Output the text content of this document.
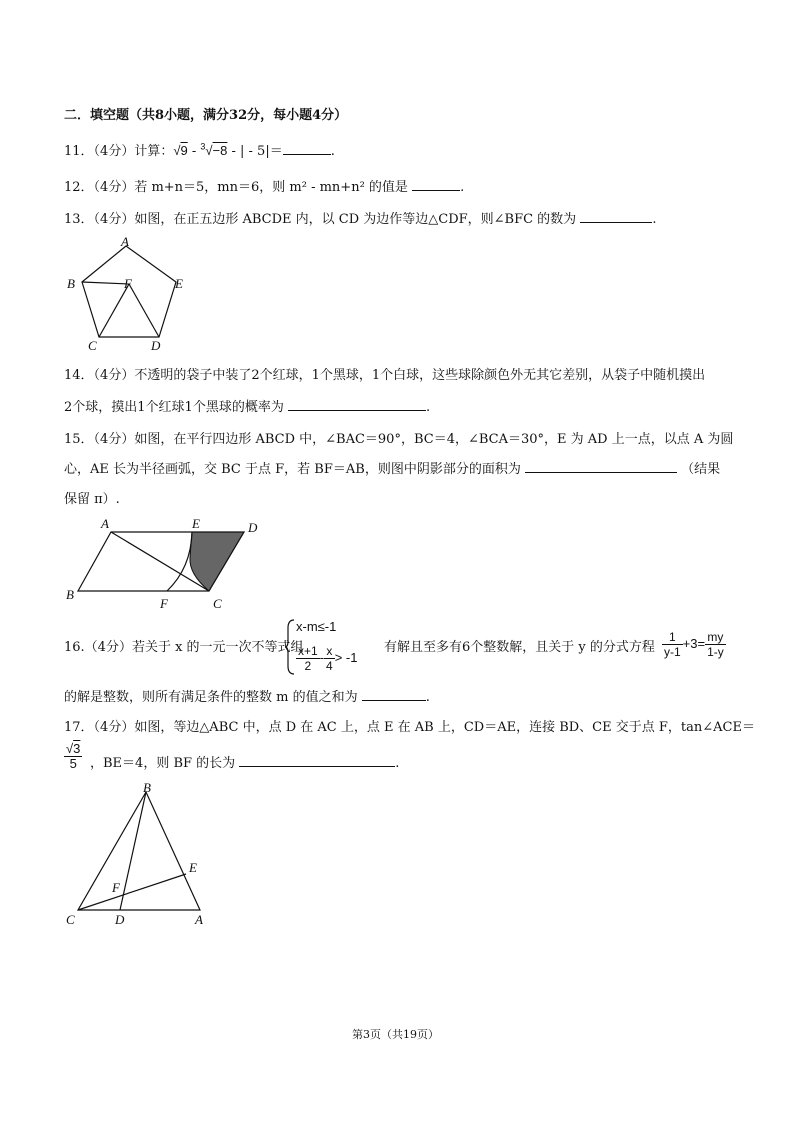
二．填空题（共8小题，满分32分，每小题4分）
11．（4分）计算：√9 - $^3$√−8 - | - 5|＝	.
12．（4分）若 m+n＝5，mn＝6，则 m² - mn+n² 的值是	.
13．（4分）如图，在正五边形 ABCDE 内，以 CD 为边作等边△CDF，则∠BFC 的数为	.
A
B	F	E
C	D
14．（4分）不透明的袋子中装了2个红球，1个黑球，1个白球，这些球除颜色外无其它差别，从袋子中随机摸出
2个球，摸出1个红球1个黑球的概率为	.
15．（4分）如图，在平行四边形 ABCD 中，∠BAC＝90°，BC＝4，∠BCA＝30°，E 为 AD 上一点，以点 A 为圆
心，AE 长为半径画弧，交 BC 于点 F，若 BF＝AB，则图中阴影部分的面积为	（结果
保留 π）.
A	E	D
B
F	C
16.（4分）若关于 x 的一元一次不等式组
x-m≤-1
$\frac{x+1}{2} - \frac{x}{4} > -1$
有解且至多有6个整数解，且关于 y 的分式方程 $\frac{1}{y-1} +3= \frac{my}{1-y}$
的解是整数，则所有满足条件的整数 m 的值之和为	.
17．（4分）如图，等边△ABC 中，点 D 在 AC 上，点 E 在 AB 上，CD＝AE，连接 BD、CE 交于点 F，tan∠ACE＝
$\frac{√3}{5}$ ，BE＝4，则 BF 的长为	.
B
E
F
C	D	A
第3页（共19页）
